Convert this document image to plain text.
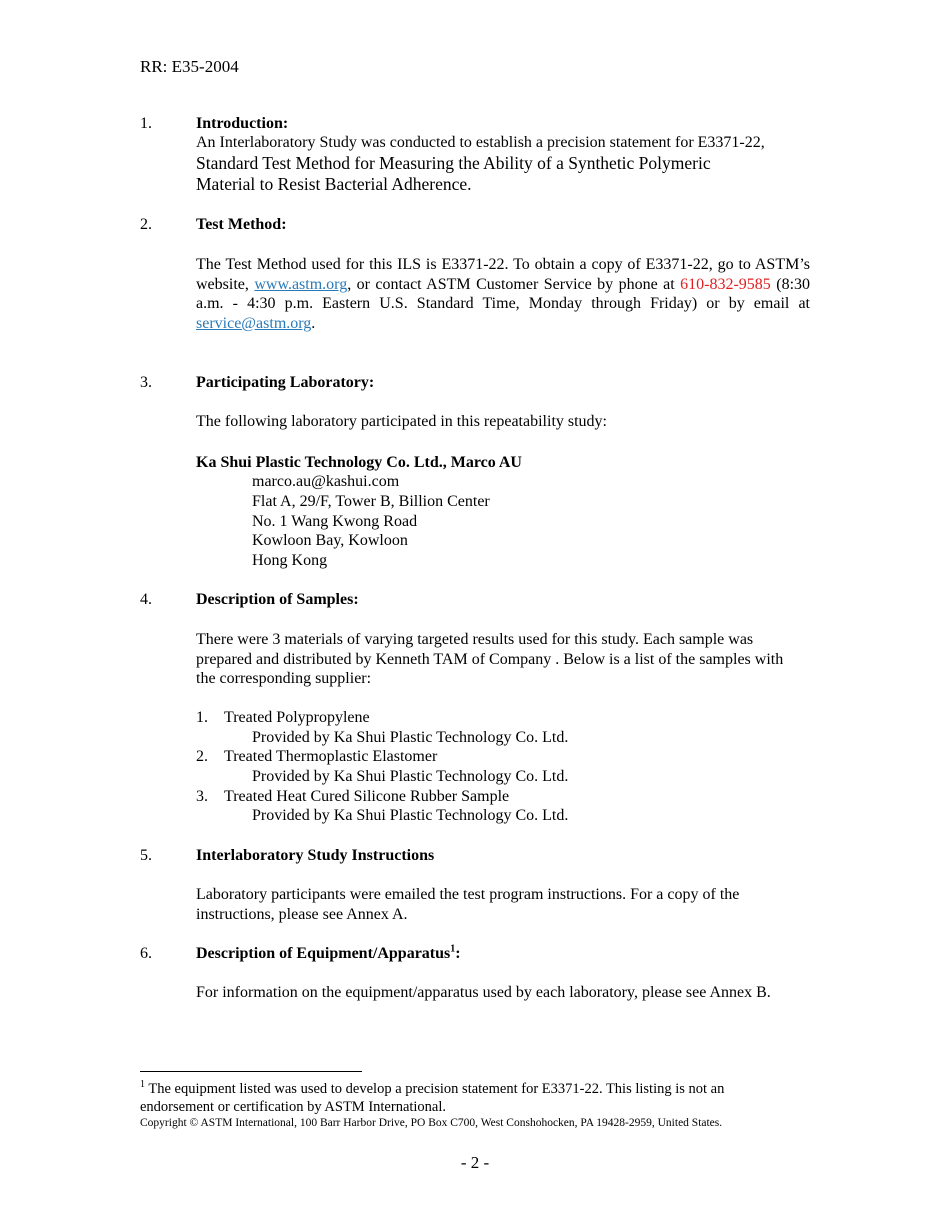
RR: E35-2004
1.	Introduction:
An Interlaboratory Study was conducted to establish a precision statement for E3371-22,
Standard Test Method for Measuring the Ability of a Synthetic Polymeric
Material to Resist Bacterial Adherence.
2.	Test Method:
The Test Method used for this ILS is E3371-22. To obtain a copy of E3371-22, go to ASTM’s website, www.astm.org, or contact ASTM Customer Service by phone at 610-832-9585 (8:30 a.m. - 4:30 p.m. Eastern U.S. Standard Time, Monday through Friday) or by email at service@astm.org.
3.	Participating Laboratory:
The following laboratory participated in this repeatability study:
Ka Shui Plastic Technology Co. Ltd., Marco AU
marco.au@kashui.com
Flat A, 29/F, Tower B, Billion Center
No. 1 Wang Kwong Road
Kowloon Bay, Kowloon
Hong Kong
4.	Description of Samples:
There were 3 materials of varying targeted results used for this study. Each sample was prepared and distributed by Kenneth TAM of Company . Below is a list of the samples with the corresponding supplier:
1. Treated Polypropylene
Provided by Ka Shui Plastic Technology Co. Ltd.
2. Treated Thermoplastic Elastomer
Provided by Ka Shui Plastic Technology Co. Ltd.
3. Treated Heat Cured Silicone Rubber Sample
Provided by Ka Shui Plastic Technology Co. Ltd.
5.	Interlaboratory Study Instructions
Laboratory participants were emailed the test program instructions. For a copy of the instructions, please see Annex A.
6.	Description of Equipment/Apparatus$^1$:
For information on the equipment/apparatus used by each laboratory, please see Annex B.
$^1$ The equipment listed was used to develop a precision statement for E3371-22. This listing is not an endorsement or certification by ASTM International.
Copyright © ASTM International, 100 Barr Harbor Drive, PO Box C700, West Conshohocken, PA 19428-2959, United States.
- 2 -
